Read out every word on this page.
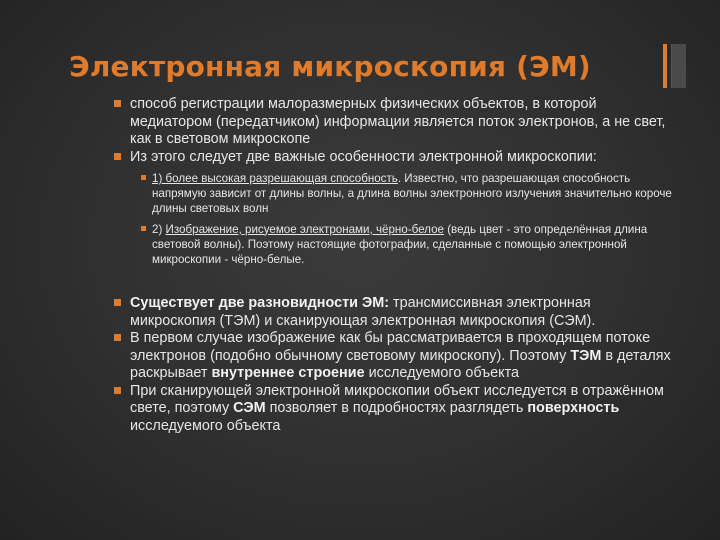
Электронная микроскопия (ЭМ)
способ регистрации малоразмерных физических объектов, в которой медиатором (передатчиком) информации является поток электронов, а не свет, как в световом микроскопе
Из этого следует две важные особенности электронной микроскопии:
1) более высокая разрешающая способность. Известно, что разрешающая способность напрямую зависит от длины волны, а длина волны электронного излучения значительно короче длины световых волн
2) Изображение, рисуемое электронами, чёрно-белое (ведь цвет - это определённая длина световой волны). Поэтому настоящие фотографии, сделанные с помощью электронной микроскопии - чёрно-белые.
Существует две разновидности ЭМ: трансмиссивная электронная микроскопия (ТЭМ) и сканирующая электронная микроскопия (СЭМ).
В первом случае изображение как бы рассматривается в проходящем потоке электронов (подобно обычному световому микроскопу). Поэтому ТЭМ в деталях раскрывает внутреннее строение исследуемого объекта
При сканирующей электронной микроскопии объект исследуется в отражённом свете, поэтому СЭМ позволяет в подробностях разглядеть поверхность исследуемого объекта
